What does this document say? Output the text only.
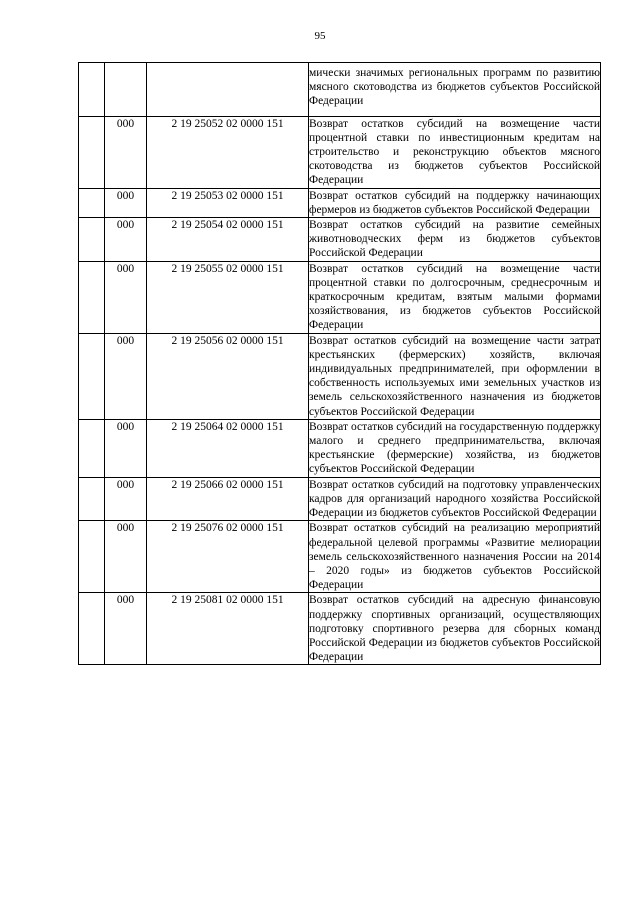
95
			мически значимых региональных программ по развитию мясного скотоводства из бюджетов субъектов Российской Федерации
	000	2 19 25052 02 0000 151	Возврат остатков субсидий на возмещение части процентной ставки по инвестиционным кредитам на строительство и реконструкцию объектов мясного скотоводства из бюджетов субъектов Российской Федерации
	000	2 19 25053 02 0000 151	Возврат остатков субсидий на поддержку начинающих фермеров из бюджетов субъектов Российской Федерации
	000	2 19 25054 02 0000 151	Возврат остатков субсидий на развитие семейных животноводческих ферм из бюджетов субъектов Российской Федерации
	000	2 19 25055 02 0000 151	Возврат остатков субсидий на возмещение части процентной ставки по долгосрочным, среднесрочным и краткосрочным кредитам, взятым малыми формами хозяйствования, из бюджетов субъектов Российской Федерации
	000	2 19 25056 02 0000 151	Возврат остатков субсидий на возмещение части затрат крестьянских (фермерских) хозяйств, включая индивидуальных предпринимателей, при оформлении в собственность используемых ими земельных участков из земель сельскохозяйственного назначения из бюджетов субъектов Российской Федерации
	000	2 19 25064 02 0000 151	Возврат остатков субсидий на государственную поддержку малого и среднего предпринимательства, включая крестьянские (фермерские) хозяйства, из бюджетов субъектов Российской Федерации
	000	2 19 25066 02 0000 151	Возврат остатков субсидий на подготовку управленческих кадров для организаций народного хозяйства Российской Федерации из бюджетов субъектов Российской Федерации
	000	2 19 25076 02 0000 151	Возврат остатков субсидий на реализацию мероприятий федеральной целевой программы «Развитие мелиорации земель сельскохозяйственного назначения России на 2014 – 2020 годы» из бюджетов субъектов Российской Федерации
	000	2 19 25081 02 0000 151	Возврат остатков субсидий на адресную финансовую поддержку спортивных организаций, осуществляющих подготовку спортивного резерва для сборных команд Российской Федерации из бюджетов субъектов Российской Федерации
